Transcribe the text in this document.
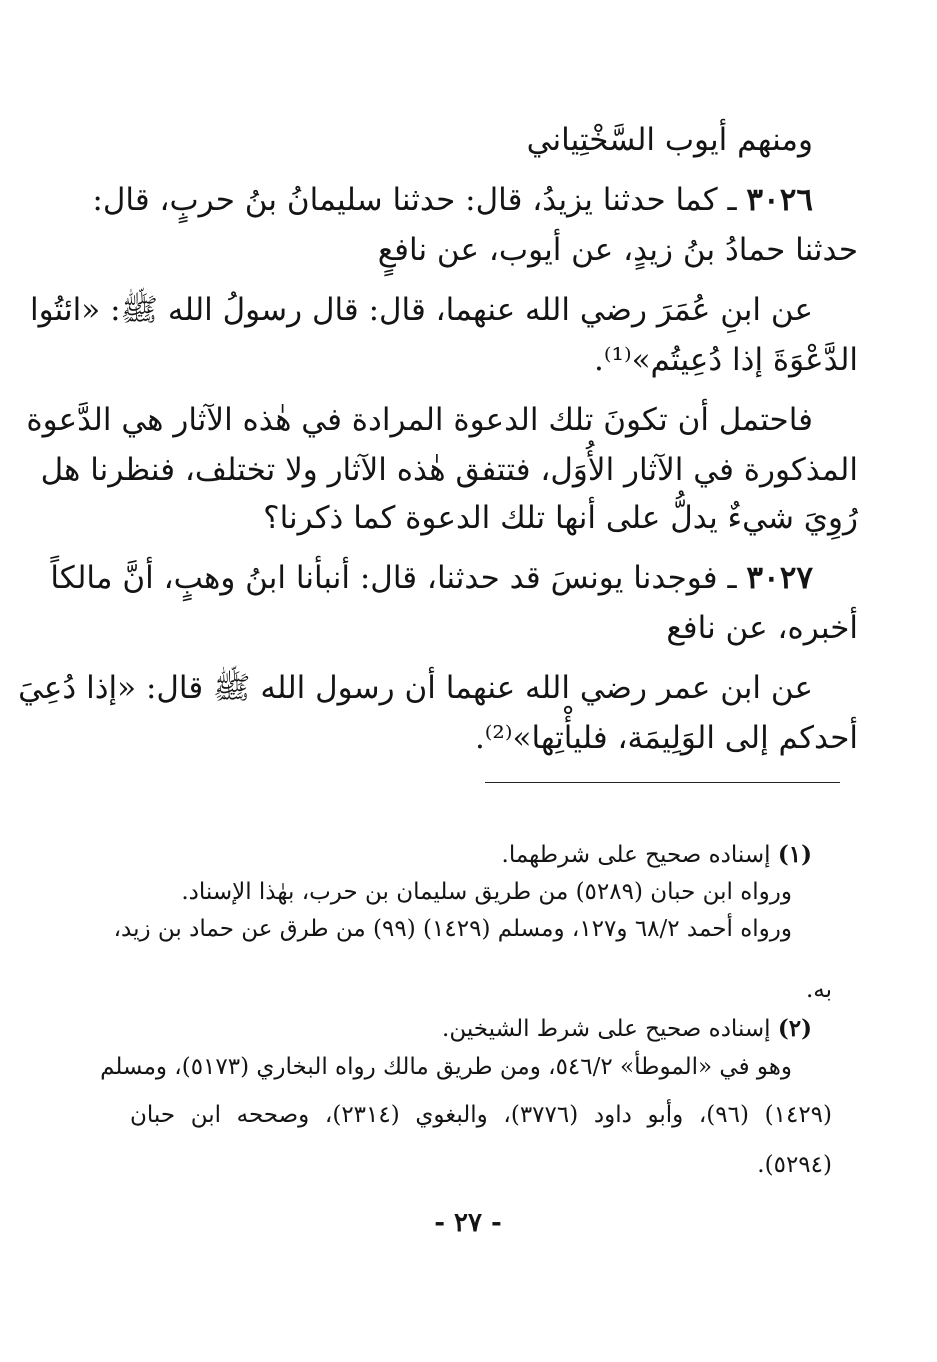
ومنهم أيوب السَّخْتِياني
٣٠٢٦ ـ كما حدثنا يزيدُ، قال: حدثنا سليمانُ بنُ حربٍ، قال:
حدثنا حمادُ بنُ زيدٍ، عن أيوب، عن نافعٍ
عن ابنِ عُمَرَ رضي الله عنهما، قال: قال رسولُ الله ﷺ: «ائتُوا
الدَّعْوَةَ إذا دُعِيتُم»⁽¹⁾.
فاحتمل أن تكونَ تلك الدعوة المرادة في هٰذه الآثار هي الدَّعوة
المذكورة في الآثار الأُوَل، فتتفق هٰذه الآثار ولا تختلف، فنظرنا هل
رُوِيَ شيءٌ يدلُّ على أنها تلك الدعوة كما ذكرنا؟
٣٠٢٧ ـ فوجدنا يونسَ قد حدثنا، قال: أنبأنا ابنُ وهبٍ، أنَّ مالكاً
أخبره، عن نافع
عن ابن عمر رضي الله عنهما أن رسول الله ﷺ قال: «إذا دُعِيَ
أحدكم إلى الوَلِيمَة، فليأْتِها»⁽²⁾.
(١) إسناده صحيح على شرطهما.
ورواه ابن حبان (٥٢٨٩) من طريق سليمان بن حرب، بهٰذا الإسناد.
ورواه أحمد ٦٨/٢ و١٢٧، ومسلم (١٤٢٩) (٩٩) من طرق عن حماد بن زيد،
به.
(٢) إسناده صحيح على شرط الشيخين.
وهو في «الموطأ» ٥٤٦/٢، ومن طريق مالك رواه البخاري (٥١٧٣)، ومسلم
(١٤٢٩) (٩٦)، وأبو داود (٣٧٧٦)، والبغوي (٢٣١٤)، وصححه ابن حبان
(٥٢٩٤).
- ٢٧ -
